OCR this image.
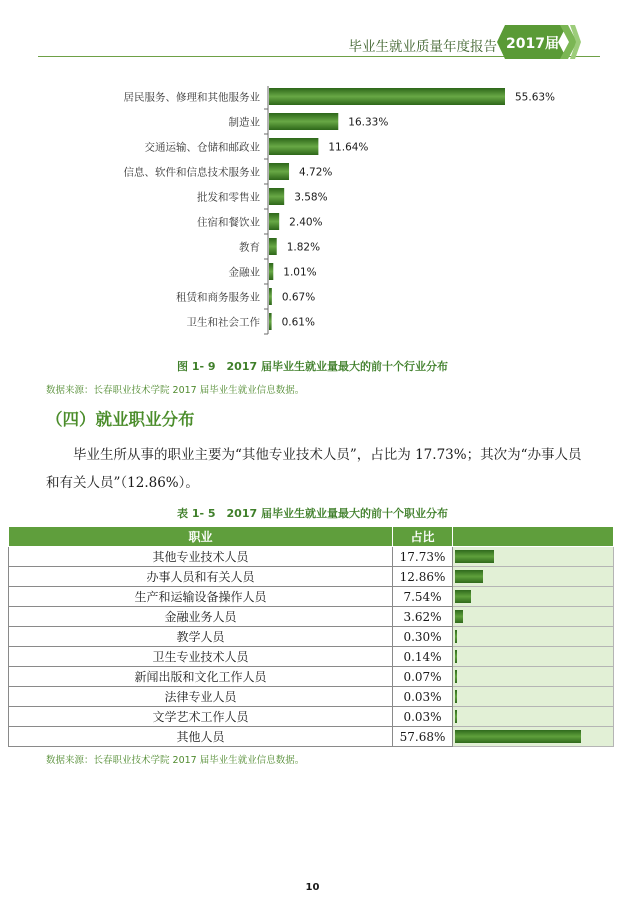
毕业生就业质量年度报告 2017届
居民服务、修理和其他服务业	55.63%
制造业	16.33%
交通运输、仓储和邮政业	11.64%
信息、软件和信息技术服务业	4.72%
批发和零售业	3.58%
住宿和餐饮业	2.40%
教育	1.82%
金融业 1.01%
租赁和商务服务业 0.67%
卫生和社会工作 0.61%
图 1- 9　2017 届毕业生就业量最大的前十个行业分布
数据来源：长春职业技术学院 2017 届毕业生就业信息数据。
（四）就业职业分布
毕业生所从事的职业主要为“其他专业技术人员”，占比为 17.73%；其次为“办事人员和有关人员”（12.86%）。
表 1- 5　2017 届毕业生就业量最大的前十个职业分布
职业	占比	
其他专业技术人员	17.73%	

办事人员和有关人员	12.86%	

生产和运输设备操作人员	7.54%	

金融业务人员	3.62%	

教学人员	0.30%	

卫生专业技术人员	0.14%	

新闻出版和文化工作人员	0.07%	

法律专业人员	0.03%	

文学艺术工作人员	0.03%	

其他人员	57.68%	
数据来源：长春职业技术学院 2017 届毕业生就业信息数据。
10
